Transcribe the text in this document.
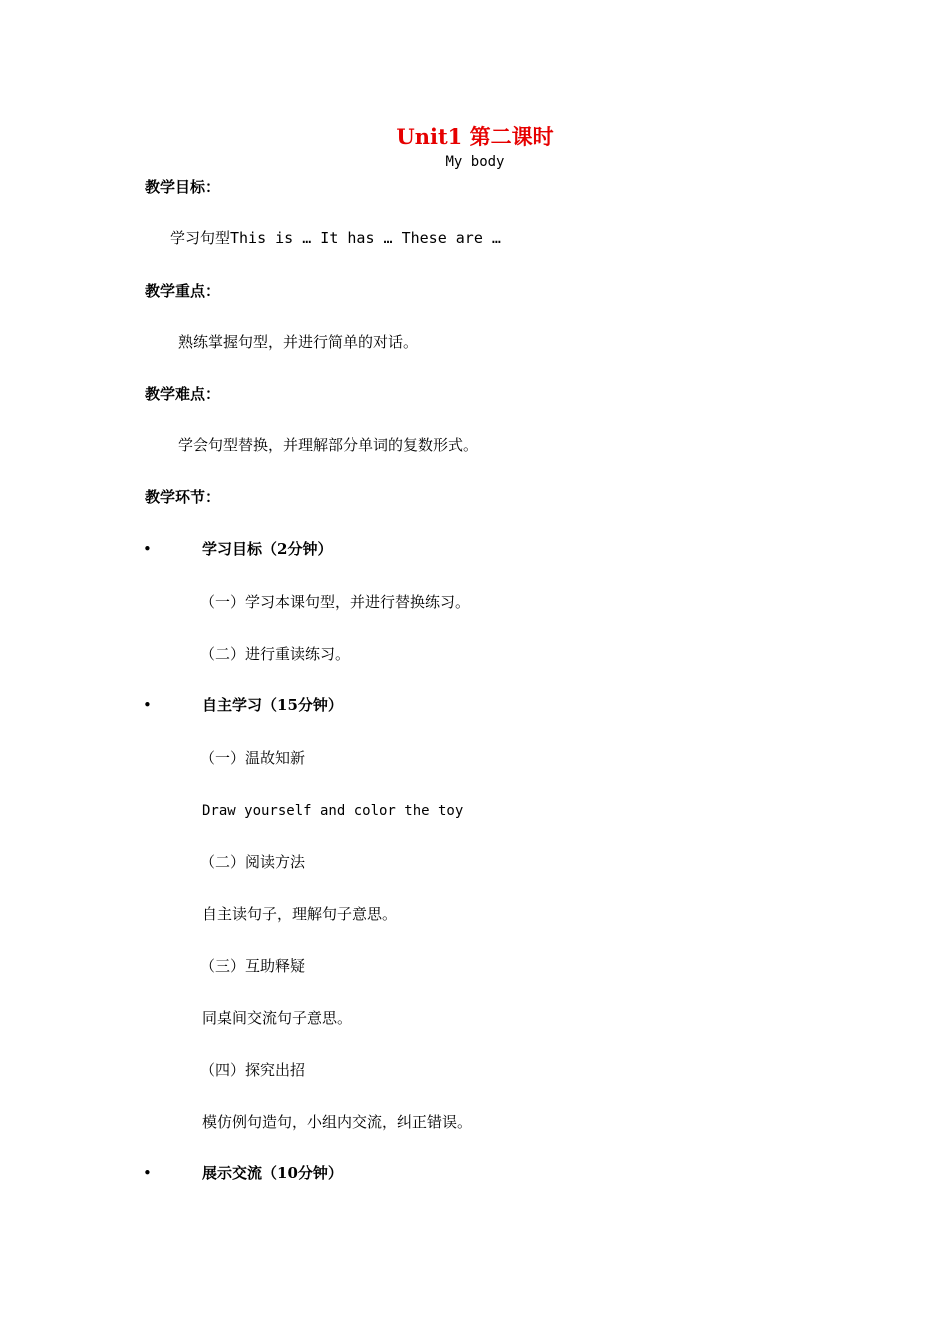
Unit1 第二课时
My body
教学目标：
学习句型This is … It has … These are …
教学重点：
熟练掌握句型，并进行简单的对话。
教学难点：
学会句型替换，并理解部分单词的复数形式。
教学环节：
•	学习目标（2分钟）
（一）学习本课句型，并进行替换练习。
（二）进行重读练习。
•	自主学习（15分钟）
（一）温故知新
Draw yourself and color the toy
（二）阅读方法
自主读句子，理解句子意思。
（三）互助释疑
同桌间交流句子意思。
（四）探究出招
模仿例句造句，小组内交流，纠正错误。
•	展示交流（10分钟）
